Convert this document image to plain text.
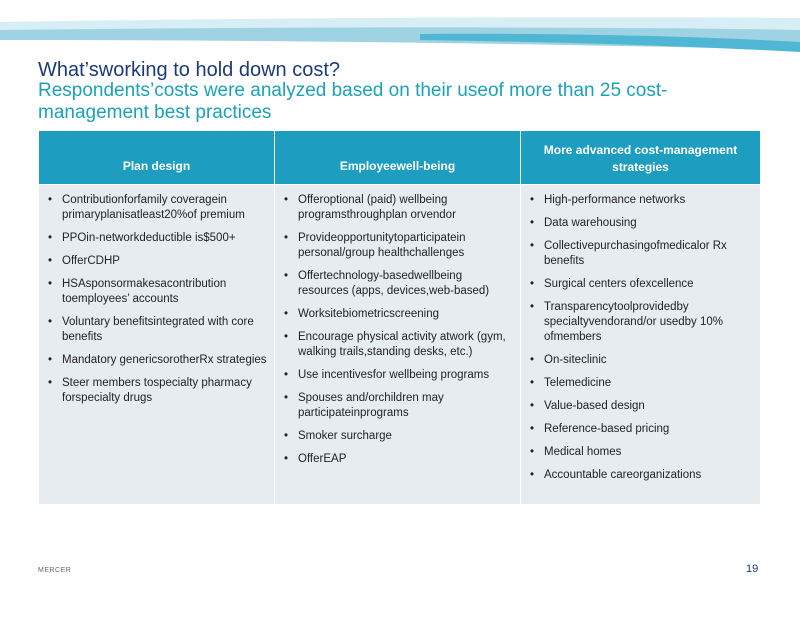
What’sworking to hold down cost?
Respondents’costs were analyzed based on their useof more than 25 cost-management best practices
Plan design	Employeewell-being
More advanced cost-management strategies
• Contributionforfamily coveragein primaryplanisatleast20%of premium
• PPOin-networkdeductible is$500+
• OfferCDHP
• HSAsponsormakesacontribution toemployees’ accounts
• Voluntary benefitsintegrated with core benefits
• Mandatory genericsorotherRx strategies
• Steer members tospecialty pharmacy forspecialty drugs
• Offeroptional (paid) wellbeing programsthroughplan orvendor
• Provideopportunitytoparticipatein personal/group healthchallenges
• Offertechnology-basedwellbeing resources (apps, devices,web-based)
• Worksitebiometricscreening
• Encourage physical activity atwork (gym, walking trails,standing desks, etc.)
• Use incentivesfor wellbeing programs
• Spouses and/orchildren may participateinprograms
• Smoker surcharge
• OfferEAP
• High-performance networks
• Data warehousing
• Collectivepurchasingofmedicalor Rx benefits
• Surgical centers ofexcellence
• Transparencytoolprovidedby specialtyvendorand/or usedby 10% ofmembers
• On-siteclinic
• Telemedicine
• Value-based design
• Reference-based pricing
• Medical homes
• Accountable careorganizations
MERCER	19
